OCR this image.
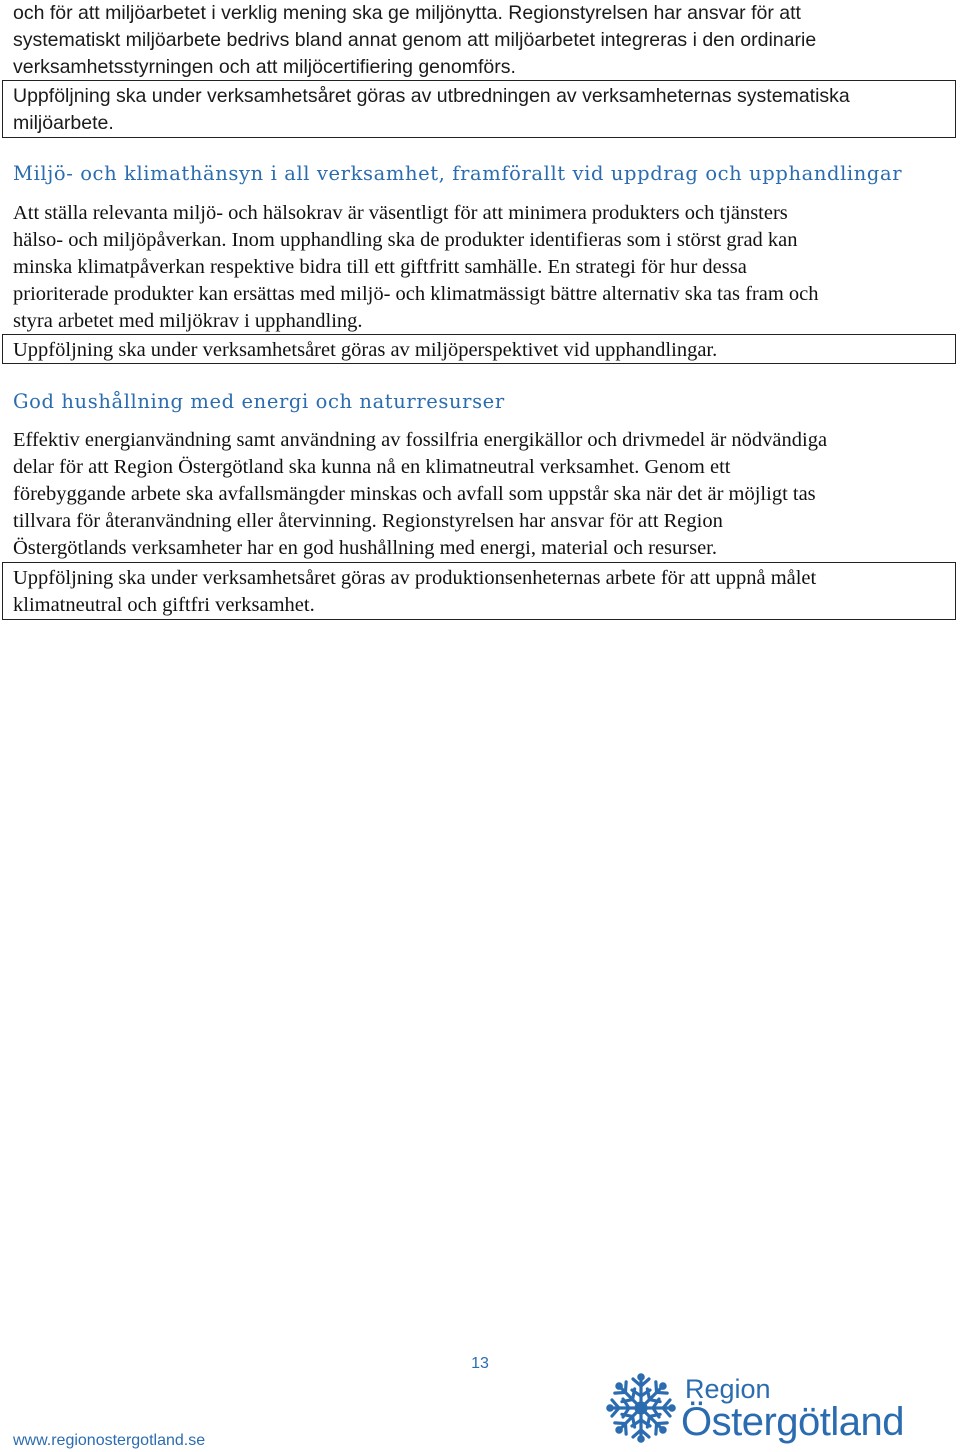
och för att miljöarbetet i verklig mening ska ge miljönytta. Regionstyrelsen har ansvar för att
systematiskt miljöarbete bedrivs bland annat genom att miljöarbetet integreras i den ordinarie
verksamhetsstyrningen och att miljöcertifiering genomförs.

Uppföljning ska under verksamhetsåret göras av utbredningen av verksamheternas systematiska
miljöarbete.

Miljö- och klimathänsyn i all verksamhet, framförallt vid uppdrag och upphandlingar

Att ställa relevanta miljö- och hälsokrav är väsentligt för att minimera produkters och tjänsters
hälso- och miljöpåverkan. Inom upphandling ska de produkter identifieras som i störst grad kan
minska klimatpåverkan respektive bidra till ett giftfritt samhälle. En strategi för hur dessa
prioriterade produkter kan ersättas med miljö- och klimatmässigt bättre alternativ ska tas fram och
styra arbetet med miljökrav i upphandling.

Uppföljning ska under verksamhetsåret göras av miljöperspektivet vid upphandlingar.

God hushållning med energi och naturresurser

Effektiv energianvändning samt användning av fossilfria energikällor och drivmedel är nödvändiga
delar för att Region Östergötland ska kunna nå en klimatneutral verksamhet. Genom ett
förebyggande arbete ska avfallsmängder minskas och avfall som uppstår ska när det är möjligt tas
tillvara för återanvändning eller återvinning. Regionstyrelsen har ansvar för att Region
Östergötlands verksamheter har en god hushållning med energi, material och resurser.

Uppföljning ska under verksamhetsåret göras av produktionsenheternas arbete för att uppnå målet
klimatneutral och giftfri verksamhet.

13
www.regionostergotland.se
Region
Östergötland
